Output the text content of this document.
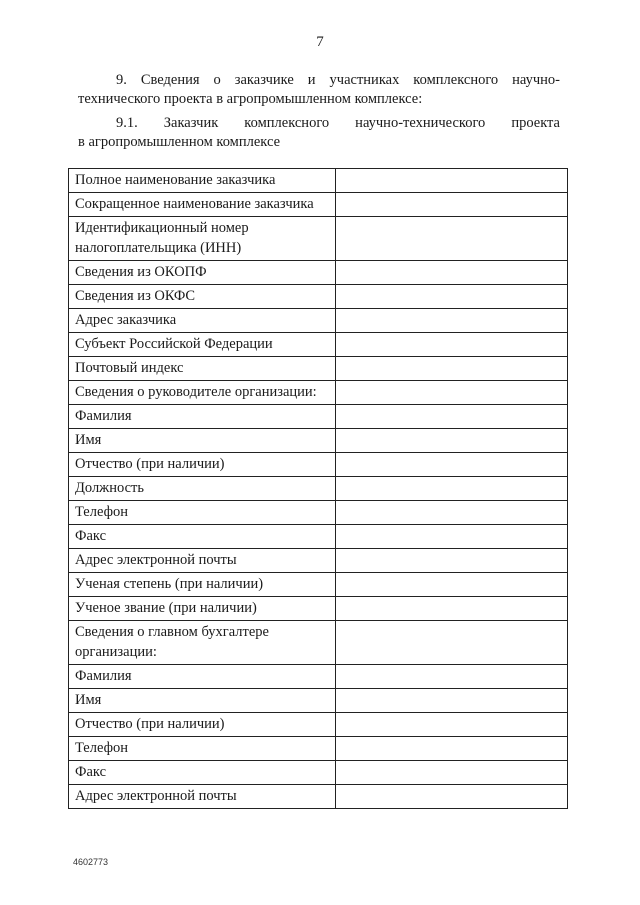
7
9. Сведения о заказчике и участниках комплексного научно-
технического проекта в агропромышленном комплексе:
9.1. Заказчик комплексного научно-технического проекта
в агропромышленном комплексе
Полное наименование заказчика	
Сокращенное наименование заказчика	
Идентификационный номер налогоплательщика (ИНН)	
Сведения из ОКОПФ	
Сведения из ОКФС	
Адрес заказчика	
Субъект Российской Федерации	
Почтовый индекс	
Сведения о руководителе организации:	
Фамилия	
Имя	
Отчество (при наличии)	
Должность	
Телефон	
Факс	
Адрес электронной почты	
Ученая степень (при наличии)	
Ученое звание (при наличии)	
Сведения о главном бухгалтере организации:	
Фамилия	
Имя	
Отчество (при наличии)	
Телефон	
Факс	
Адрес электронной почты	
4602773
